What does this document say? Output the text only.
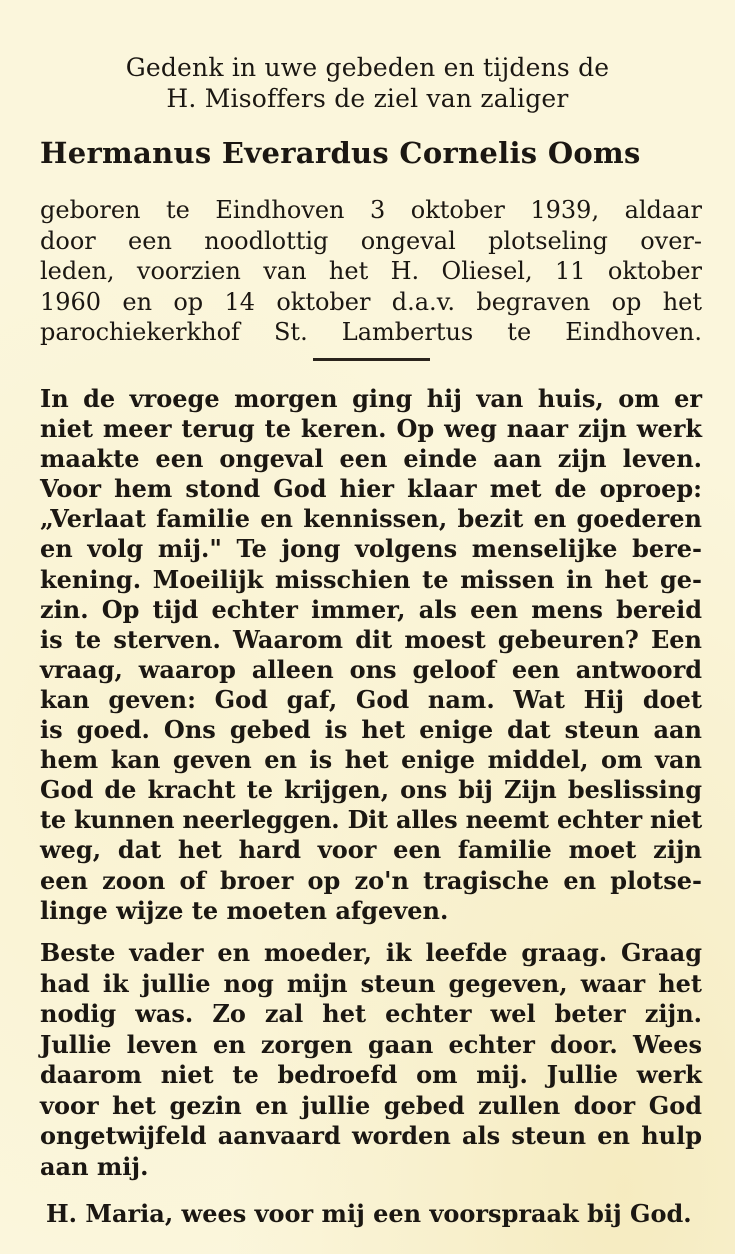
Gedenk in uwe gebeden en tijdens de
H. Misoffers de ziel van zaliger
Hermanus Everardus Cornelis Ooms
geboren te Eindhoven 3 oktober 1939, aldaar
door een noodlottig ongeval plotseling over-
leden, voorzien van het H. Oliesel, 11 oktober
1960 en op 14 oktober d.a.v. begraven op het
parochiekerkhof St. Lambertus te Eindhoven.
In de vroege morgen ging hij van huis, om er
niet meer terug te keren. Op weg naar zijn werk
maakte een ongeval een einde aan zijn leven.
Voor hem stond God hier klaar met de oproep:
„Verlaat familie en kennissen, bezit en goederen
en volg mij." Te jong volgens menselijke bere-
kening. Moeilijk misschien te missen in het ge-
zin. Op tijd echter immer, als een mens bereid
is te sterven. Waarom dit moest gebeuren? Een
vraag, waarop alleen ons geloof een antwoord
kan geven: God gaf, God nam. Wat Hij doet
is goed. Ons gebed is het enige dat steun aan
hem kan geven en is het enige middel, om van
God de kracht te krijgen, ons bij Zijn beslissing
te kunnen neerleggen. Dit alles neemt echter niet
weg, dat het hard voor een familie moet zijn
een zoon of broer op zo'n tragische en plotse-
linge wijze te moeten afgeven.
Beste vader en moeder, ik leefde graag. Graag
had ik jullie nog mijn steun gegeven, waar het
nodig was. Zo zal het echter wel beter zijn.
Jullie leven en zorgen gaan echter door. Wees
daarom niet te bedroefd om mij. Jullie werk
voor het gezin en jullie gebed zullen door God
ongetwijfeld aanvaard worden als steun en hulp
aan mij.
H. Maria, wees voor mij een voorspraak bij God.
